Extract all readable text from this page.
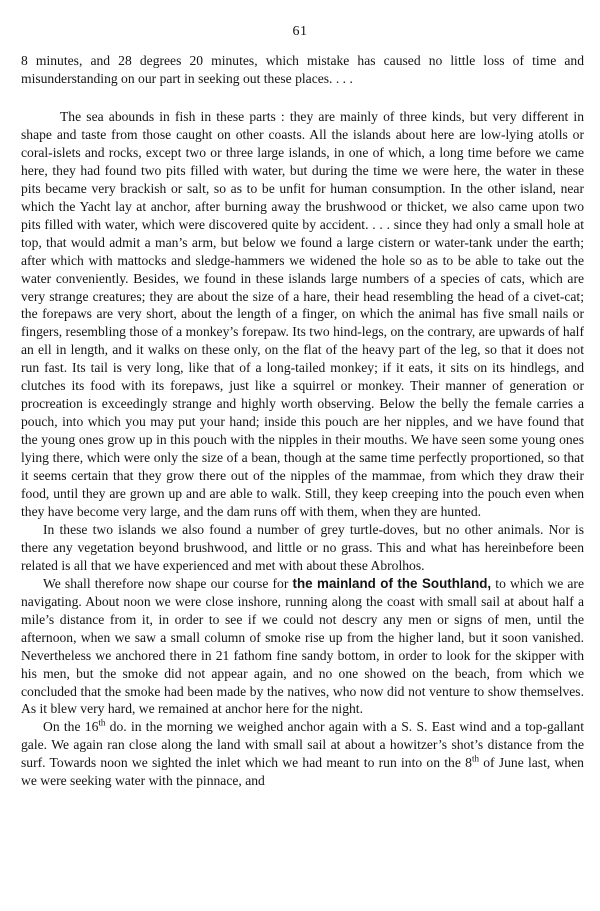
61

8 minutes, and 28 degrees 20 minutes, which mistake has caused no little loss of time and misunderstanding on our part in seeking out these places. . . .

The sea abounds in fish in these parts : they are mainly of three kinds, but very different in shape and taste from those caught on other coasts. All the islands about here are low-lying atolls or coral-islets and rocks, except two or three large islands, in one of which, a long time before we came here, they had found two pits filled with water, but during the time we were here, the water in these pits became very brackish or salt, so as to be unfit for human consumption. In the other island, near which the Yacht lay at anchor, after burning away the brushwood or thicket, we also came upon two pits filled with water, which were discovered quite by accident. . . . since they had only a small hole at top, that would admit a man’s arm, but below we found a large cistern or water-tank under the earth; after which with mattocks and sledge-hammers we widened the hole so as to be able to take out the water conveniently. Besides, we found in these islands large numbers of a species of cats, which are very strange creatures; they are about the size of a hare, their head resembling the head of a civet-cat; the forepaws are very short, about the length of a finger, on which the animal has five small nails or fingers, resembling those of a monkey’s forepaw. Its two hind-legs, on the contrary, are upwards of half an ell in length, and it walks on these only, on the flat of the heavy part of the leg, so that it does not run fast. Its tail is very long, like that of a long-tailed monkey; if it eats, it sits on its hindlegs, and clutches its food with its forepaws, just like a squirrel or monkey. Their manner of generation or procreation is exceedingly strange and highly worth observing. Below the belly the female carries a pouch, into which you may put your hand; inside this pouch are her nipples, and we have found that the young ones grow up in this pouch with the nipples in their mouths. We have seen some young ones lying there, which were only the size of a bean, though at the same time perfectly proportioned, so that it seems certain that they grow there out of the nipples of the mammae, from which they draw their food, until they are grown up and are able to walk. Still, they keep creeping into the pouch even when they have become very large, and the dam runs off with them, when they are hunted.

In these two islands we also found a number of grey turtle-doves, but no other animals. Nor is there any vegetation beyond brushwood, and little or no grass. This and what has hereinbefore been related is all that we have experienced and met with about these Abrolhos.

We shall therefore now shape our course for the mainland of the Southland, to which we are navigating. About noon we were close inshore, running along the coast with small sail at about half a mile’s distance from it, in order to see if we could not descry any men or signs of men, until the afternoon, when we saw a small column of smoke rise up from the higher land, but it soon vanished. Nevertheless we anchored there in 21 fathom fine sandy bottom, in order to look for the skipper with his men, but the smoke did not appear again, and no one showed on the beach, from which we concluded that the smoke had been made by the natives, who now did not venture to show themselves. As it blew very hard, we remained at anchor here for the night.

On the 16th do. in the morning we weighed anchor again with a S. S. East wind and a top-gallant gale. We again ran close along the land with small sail at about a howitzer’s shot’s distance from the surf. Towards noon we sighted the inlet which we had meant to run into on the 8th of June last, when we were seeking water with the pinnace, and
